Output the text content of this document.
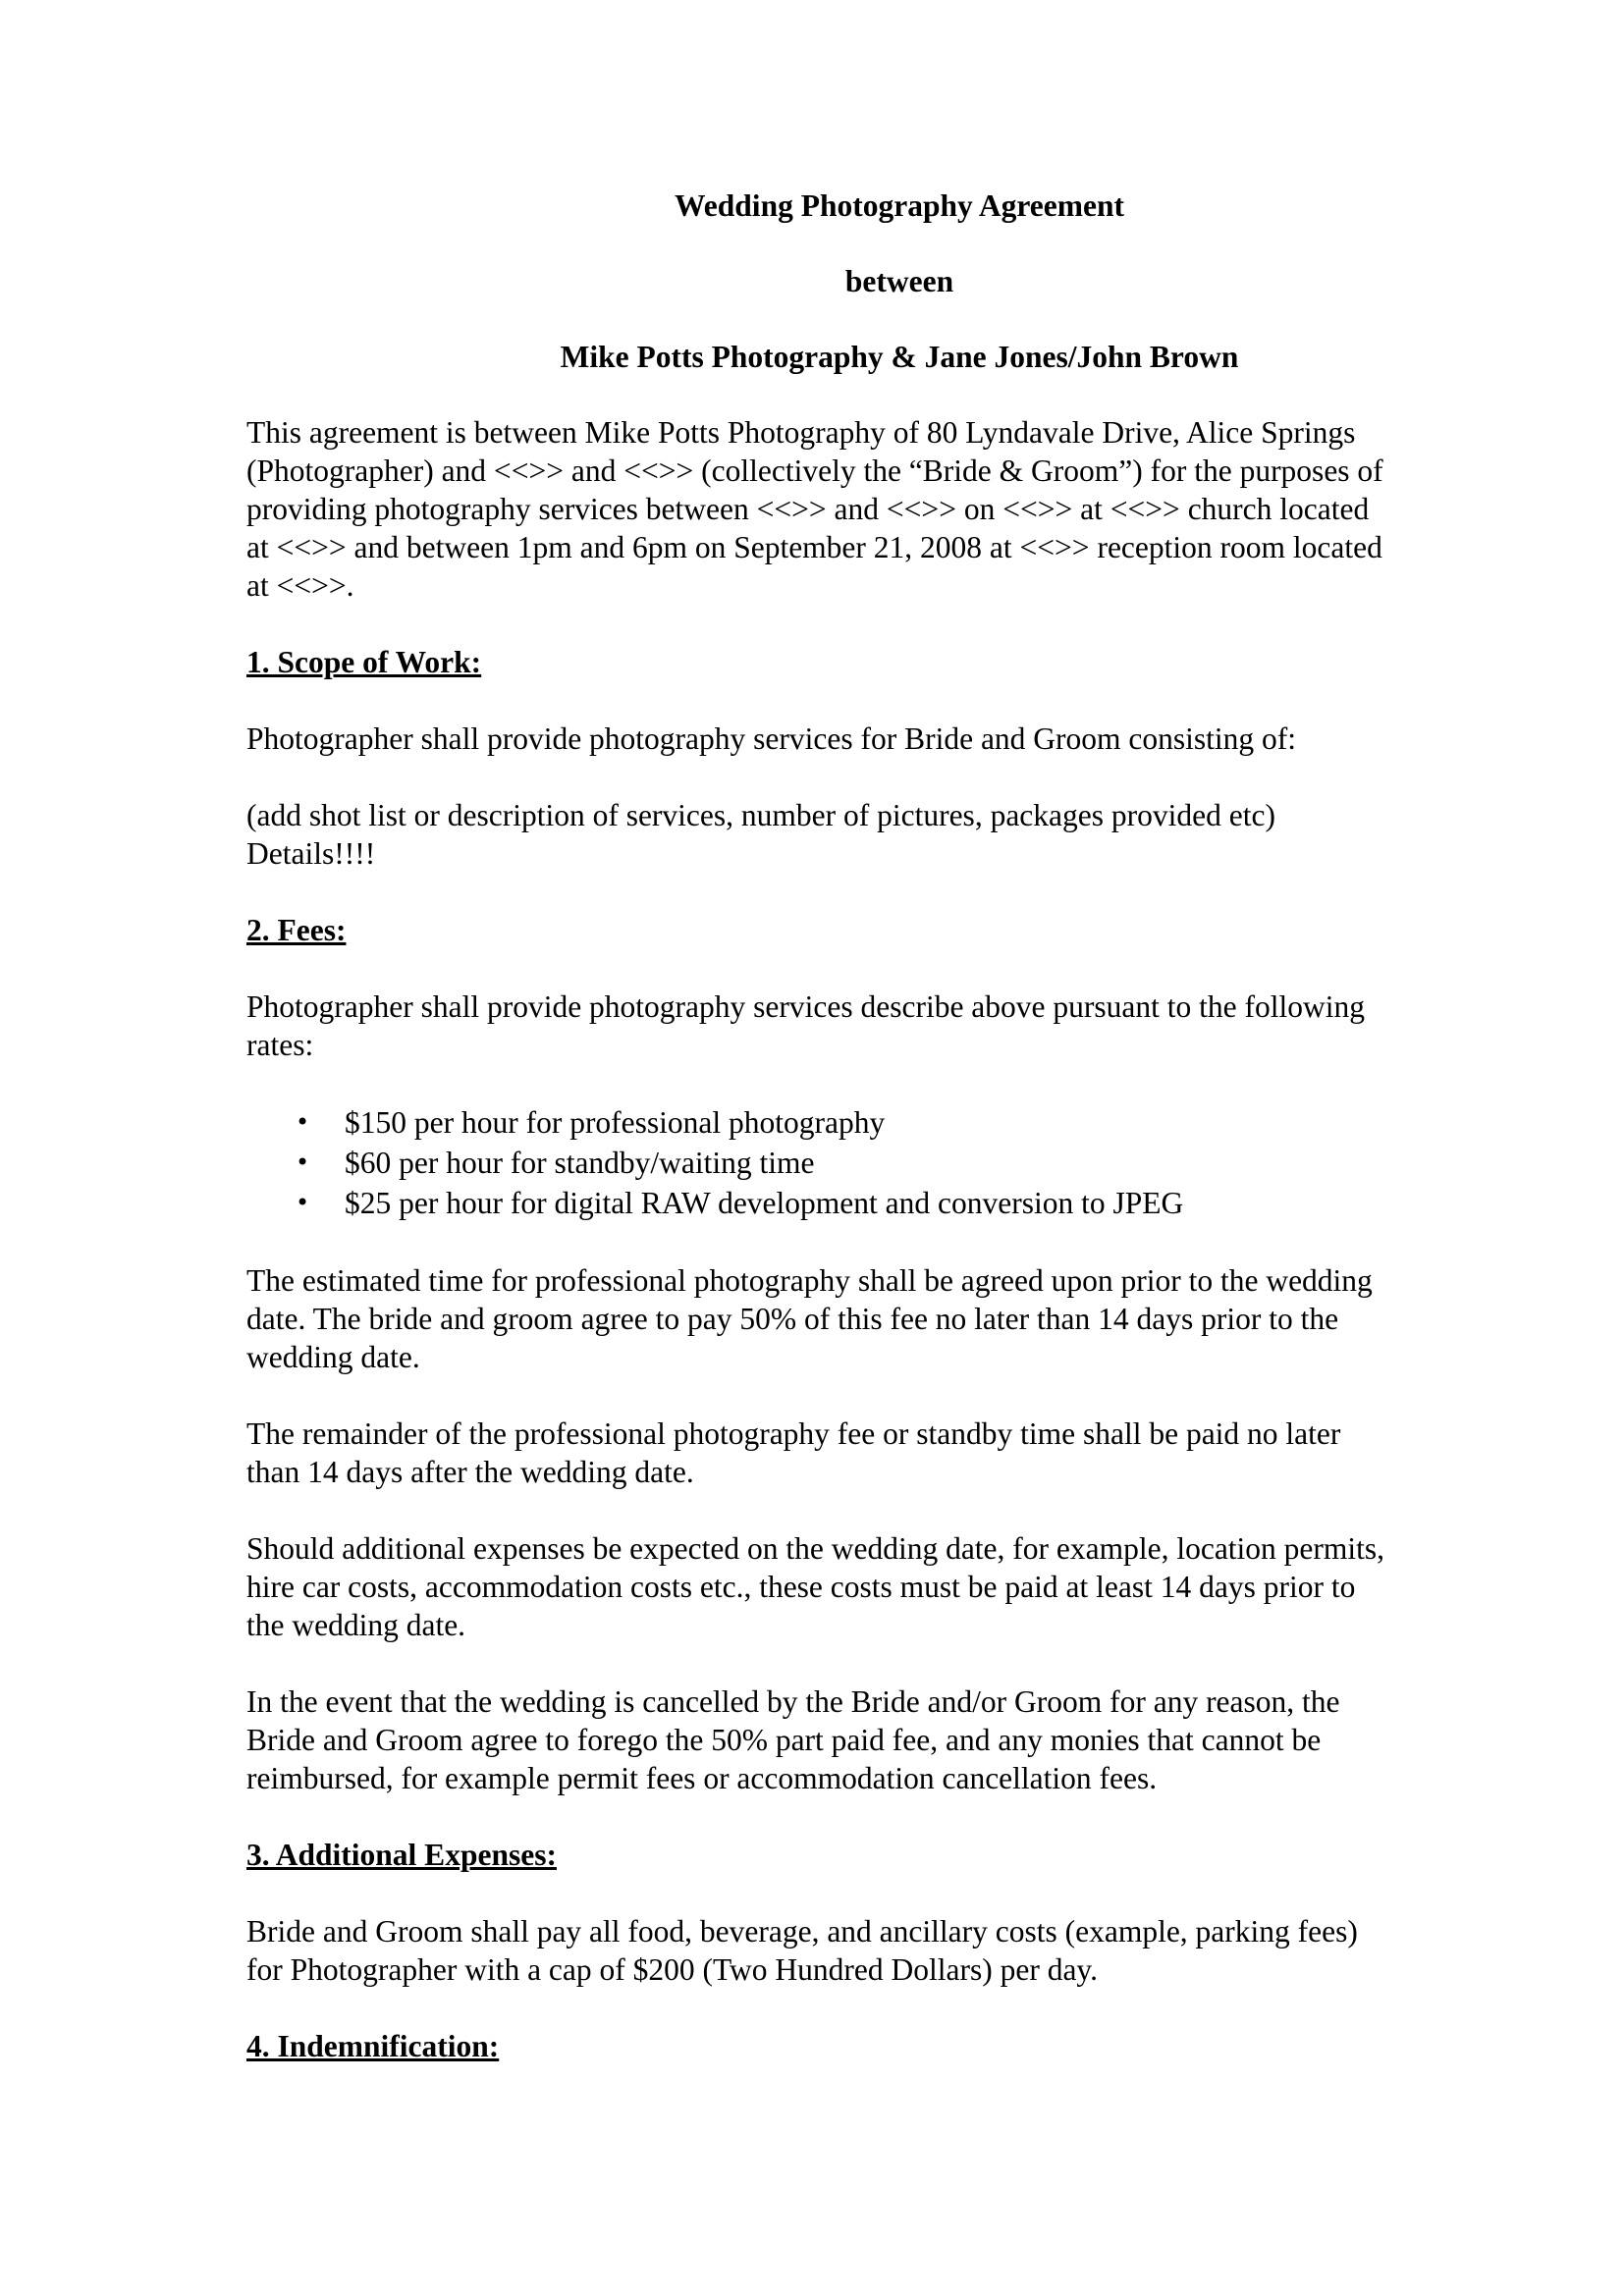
Wedding Photography Agreement
between
Mike Potts Photography & Jane Jones/John Brown

This agreement is between Mike Potts Photography of 80 Lyndavale Drive, Alice Springs (Photographer) and <<>> and <<>> (collectively the “Bride & Groom”) for the purposes of providing photography services between <<>> and <<>> on <<>> at <<>> church located at <<>> and between 1pm and 6pm on September 21, 2008 at <<>> reception room located at <<>>.

1. Scope of Work:

Photographer shall provide photography services for Bride and Groom consisting of:

(add shot list or description of services, number of pictures, packages provided etc) Details!!!!

2. Fees:

Photographer shall provide photography services describe above pursuant to the following rates:

• $150 per hour for professional photography
• $60 per hour for standby/waiting time
• $25 per hour for digital RAW development and conversion to JPEG

The estimated time for professional photography shall be agreed upon prior to the wedding date. The bride and groom agree to pay 50% of this fee no later than 14 days prior to the wedding date.

The remainder of the professional photography fee or standby time shall be paid no later than 14 days after the wedding date.

Should additional expenses be expected on the wedding date, for example, location permits, hire car costs, accommodation costs etc., these costs must be paid at least 14 days prior to the wedding date.

In the event that the wedding is cancelled by the Bride and/or Groom for any reason, the Bride and Groom agree to forego the 50% part paid fee, and any monies that cannot be reimbursed, for example permit fees or accommodation cancellation fees.

3. Additional Expenses:

Bride and Groom shall pay all food, beverage, and ancillary costs (example, parking fees) for Photographer with a cap of $200 (Two Hundred Dollars) per day.

4. Indemnification:
